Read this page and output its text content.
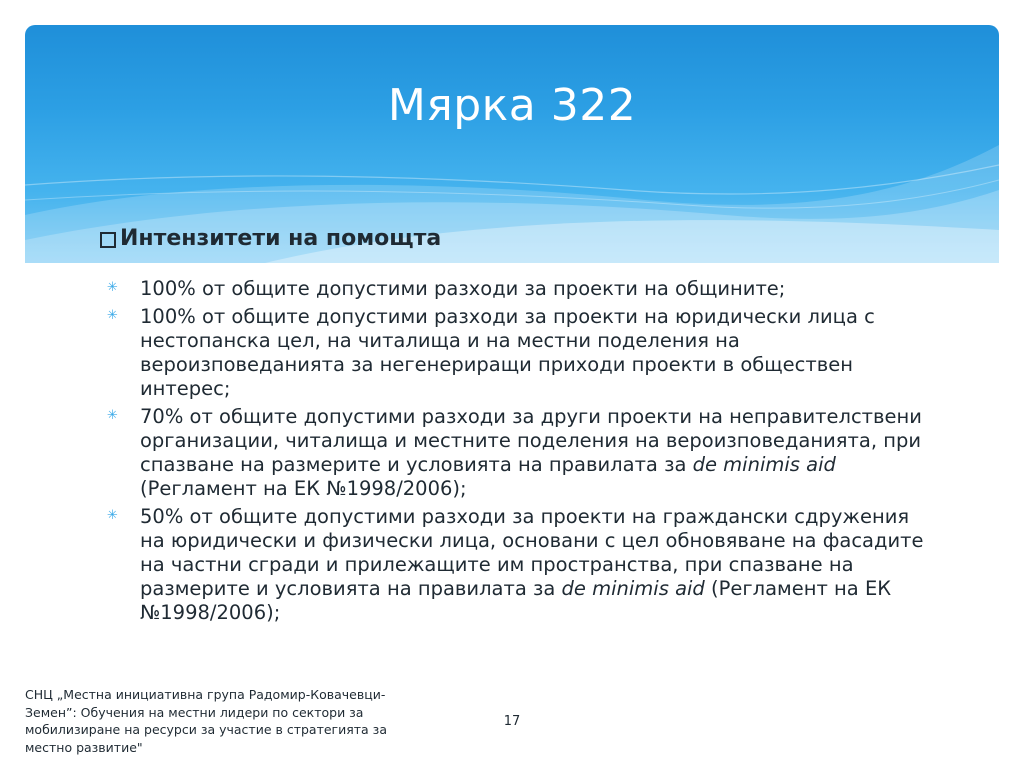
Мярка 322
Интензитети на помощта
✳ 100% от общите допустими разходи за проекти на общините;
✳ 100% от общите допустими разходи за проекти на юридически лица с нестопанска цел, на читалища и на местни поделения на вероизповеданията за негенериращи приходи проекти в обществен интерес;
✳ 70% от общите допустими разходи за други проекти на неправителствени организации, читалища и местните поделения на вероизповеданията, при спазване на размерите и условията на правилата за de minimis aid (Регламент на ЕК №1998/2006);
✳ 50% от общите допустими разходи за проекти на граждански сдружения на юридически и физически лица, основани с цел обновяване на фасадите на частни сгради и прилежащите им пространства, при спазване на размерите и условията на правилата за de minimis aid (Регламент на ЕК №1998/2006);
СНЦ „Местна инициативна група Радомир-Ковачевци-Земен”: Обучения на местни лидери по сектори за мобилизиране на ресурси за участие в стратегията за местно развитие"
17
